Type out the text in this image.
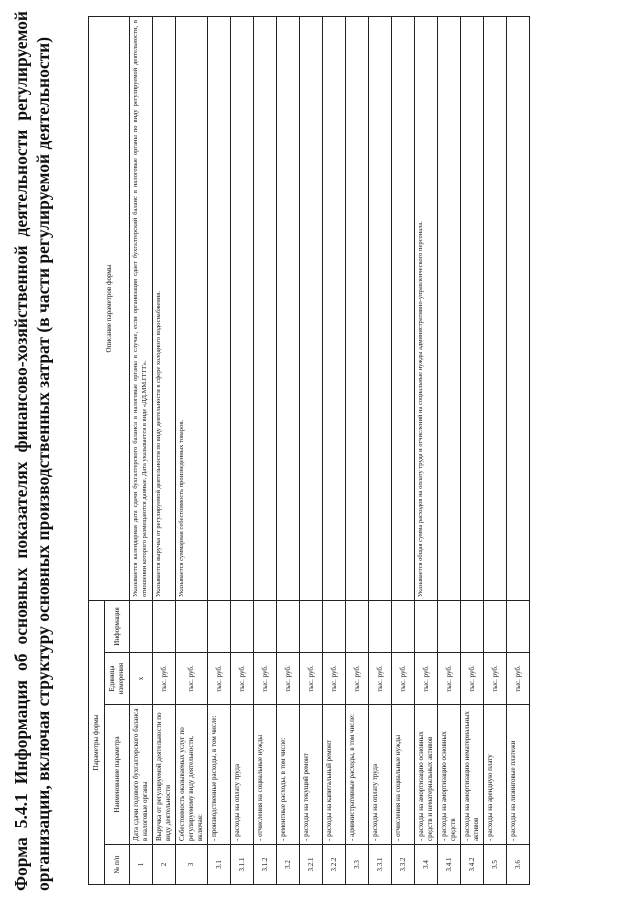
Форма 5.4.1 Информация об основных показателях финансово-хозяйственной деятельности регулируемой организации, включая структуру основных производственных затрат (в части регулируемой деятельности)	Параметры формы				Описание параметров формы
№ п/п	Наименование параметра	Единица измерения	Информация	
1	Дата сдачи годового бухгалтерского баланса в налоговые органы	x		Указывается календарная дата сдачи бухгалтерского баланса в налоговые органы в случае, если организация сдает бухгалтерский баланс в налоговые органы по виду регулируемой деятельности, в отношении которого размещаются данные. Дата указывается в виде «ДД.ММ.ГГГГ».
2	Выручка от регулируемой деятельности по виду деятельности	тыс. руб.		Указывается выручка от регулируемой деятельности по виду деятельности в сфере холодного водоснабжения.
3	Себестоимость оказываемых услуг по регулируемому виду деятельности, включая:	тыс. руб.		Указывается суммарная себестоимость произведенных товаров.
3.1	- производственные расходы, в том числе:	тыс. руб.		
3.1.1	- расходы на оплату труда	тыс. руб.		
3.1.2	- отчисления на социальные нужды	тыс. руб.		
3.2	- ремонтные расходы, в том числе:	тыс. руб.		
3.2.1	- расходы на текущий ремонт	тыс. руб.		
3.2.2	- расходы на капитальный ремонт	тыс. руб.		
3.3	- административные расходы, в том числе:	тыс. руб.		
3.3.1	- расходы на оплату труда	тыс. руб.		
3.3.2	- отчисления на социальные нужды	тыс. руб.		
3.4	- расходы на амортизацию основных средств и нематериальных активов	тыс. руб.		Указывается общая сумма расходов на оплату труда и отчислений на социальные нужды административно-управленческого персонала.
3.4.1	- расходы на амортизацию основных средств	тыс. руб.		
3.4.2	- расходы на амортизацию нематериальных активов	тыс. руб.		
3.5	- расходы на арендную плату	тыс. руб.		
3.6	- расходы на лизинговые платежи	тыс. руб.		
